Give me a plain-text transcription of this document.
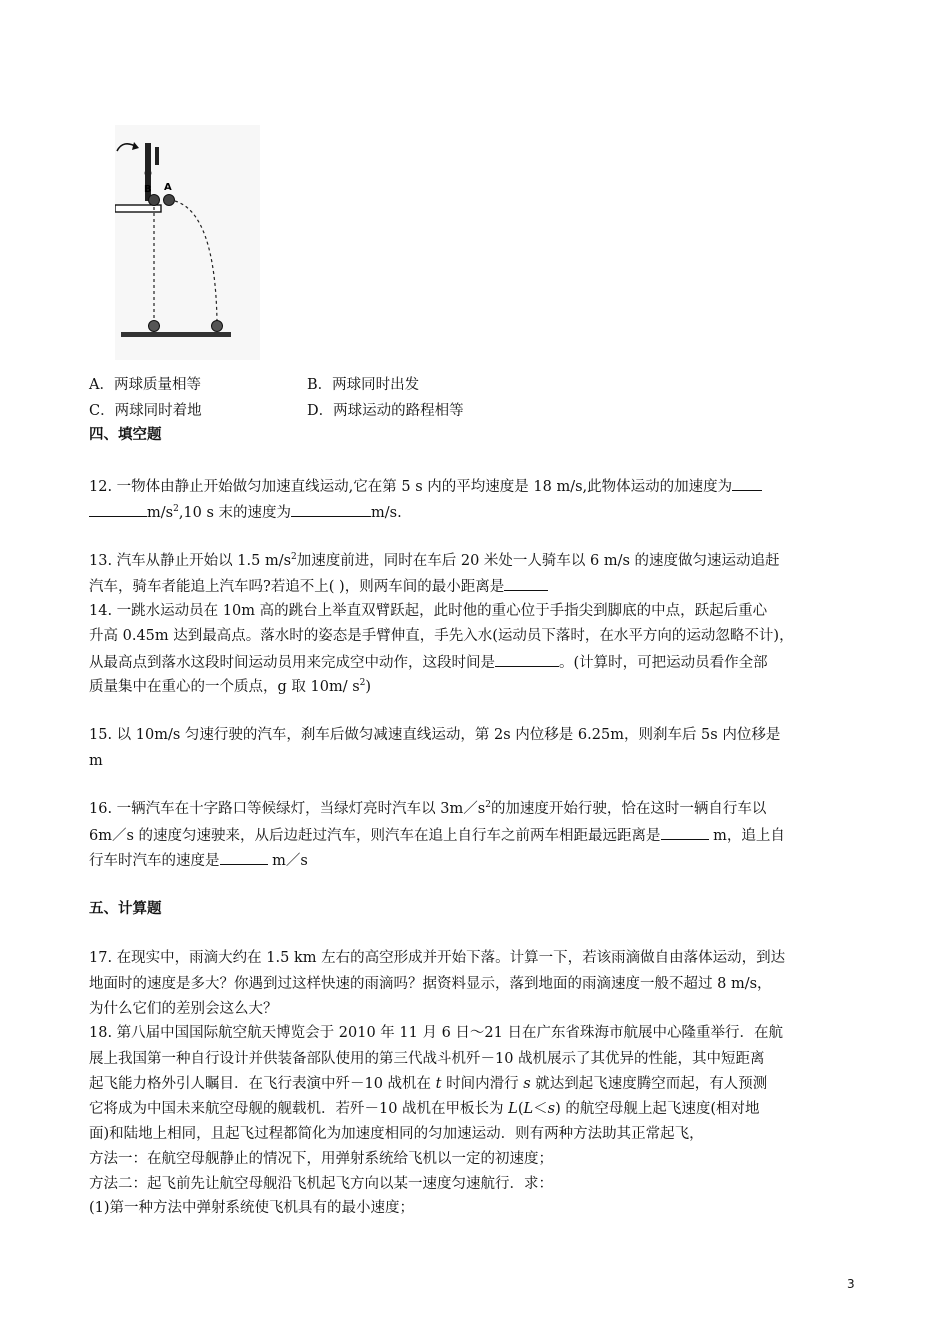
B A
A．两球质量相等	B．两球同时出发
C．两球同时着地	D．两球运动的路程相等
四、填空题
12. 一物体由静止开始做匀加速直线运动,它在第 5 s 内的平均速度是 18 m/s,此物体运动的加速度为
$m/s^2,10$ s 末的速度为	m/s.
13. 汽车从静止开始以 1.5 $m/s^2$加速度前进，同时在车后 20 米处一人骑车以 6 m/s 的速度做匀速运动追赶
汽车，骑车者能追上汽车吗?若追不上( )，则两车间的最小距离是
14. 一跳水运动员在 10m 高的跳台上举直双臂跃起，此时他的重心位于手指尖到脚底的中点，跃起后重心
升高 0.45m 达到最高点。落水时的姿态是手臂伸直，手先入水(运动员下落时，在水平方向的运动忽略不计)，
从最高点到落水这段时间运动员用来完成空中动作，这段时间是	。(计算时，可把运动员看作全部
质量集中在重心的一个质点，g 取 10m/ $s^2$)
15. 以 10m/s 匀速行驶的汽车，刹车后做匀减速直线运动，第 2s 内位移是 6.25m，则刹车后 5s 内位移是
m
16. 一辆汽车在十字路口等候绿灯，当绿灯亮时汽车以 $3m/s^2$的加速度开始行驶，恰在这时一辆自行车以
6m／s 的速度匀速驶来，从后边赶过汽车，则汽车在追上自行车之前两车相距最远距离是	m，追上自
行车时汽车的速度是	m／s
五、计算题
17. 在现实中，雨滴大约在 1.5 km 左右的高空形成并开始下落。计算一下，若该雨滴做自由落体运动，到达
地面时的速度是多大？你遇到过这样快速的雨滴吗？据资料显示，落到地面的雨滴速度一般不超过 8 m/s，
为什么它们的差别会这么大？
18. 第八届中国国际航空航天博览会于 2010 年 11 月 6 日～21 日在广东省珠海市航展中心隆重举行．在航
展上我国第一种自行设计并供装备部队使用的第三代战斗机歼－10 战机展示了其优异的性能，其中短距离
起飞能力格外引人瞩目．在飞行表演中歼－10 战机在 t 时间内滑行 s 就达到起飞速度腾空而起，有人预测
它将成为中国未来航空母舰的舰载机．若歼－10 战机在甲板长为 L(L＜s) 的航空母舰上起飞速度(相对地
面)和陆地上相同，且起飞过程都简化为加速度相同的匀加速运动．则有两种方法助其正常起飞，
方法一：在航空母舰静止的情况下，用弹射系统给飞机以一定的初速度；
方法二：起飞前先让航空母舰沿飞机起飞方向以某一速度匀速航行．求：
(1)第一种方法中弹射系统使飞机具有的最小速度；
3
